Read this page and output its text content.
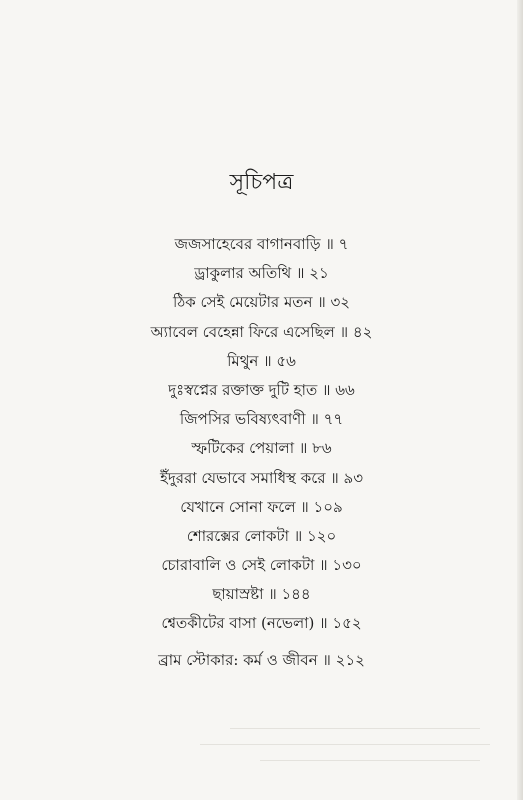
সূচিপত্র
জজসাহেবের বাগানবাড়ি ॥ ৭
ড্রাকুলার অতিথি ॥ ২১
ঠিক সেই মেয়েটার মতন ॥ ৩২
অ্যাবেল বেহেন্না ফিরে এসেছিল ॥ ৪২
মিথুন ॥ ৫৬
দুঃস্বপ্নের রক্তাক্ত দুটি হাত ॥ ৬৬
জিপসির ভবিষ্যৎবাণী ॥ ৭৭
স্ফটিকের পেয়ালা ॥ ৮৬
ইঁদুররা যেভাবে সমাধিস্থ করে ॥ ৯৩
যেখানে সোনা ফলে ॥ ১০৯
শোরক্সের লোকটা ॥ ১২০
চোরাবালি ও সেই লোকটা ॥ ১৩০
ছায়াস্রষ্টা ॥ ১৪৪
শ্বেতকীটের বাসা (নভেলা) ॥ ১৫২
ব্রাম স্টোকার: কর্ম ও জীবন ॥ ২১২
